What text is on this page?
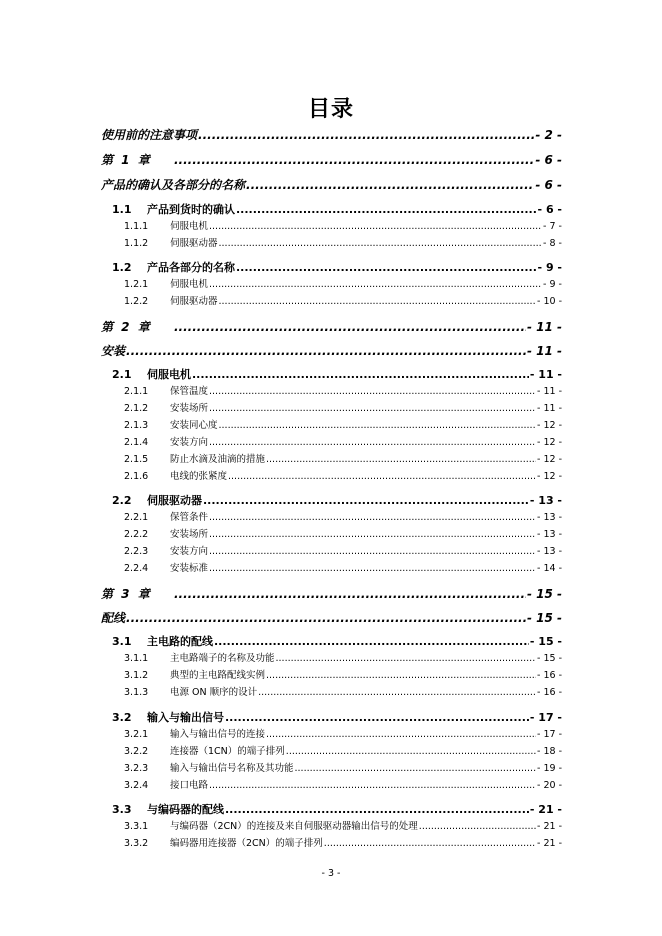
目录
使用前的注意事项 .....	- 2 -
第 1 章 .....	- 6 -
产品的确认及各部分的名称 .....	- 6 -
1.1	产品到货时的确认 .....	- 6 -
1.1.1	伺服电机 .....	- 7 -
1.1.2	伺服驱动器 .....	- 8 -
1.2	产品各部分的名称 .....	- 9 -
1.2.1	伺服电机 .....	- 9 -
1.2.2	伺服驱动器 .....	- 10 -
第 2 章 .....	- 11 -
安装 .....	- 11 -
2.1	伺服电机 .....	- 11 -
2.1.1	保管温度 .....	- 11 -
2.1.2	安装场所 .....	- 11 -
2.1.3	安装同心度 .....	- 12 -
2.1.4	安装方向 .....	- 12 -
2.1.5	防止水滴及油滴的措施 .....	- 12 -
2.1.6	电线的张紧度 .....	- 12 -
2.2	伺服驱动器 .....	- 13 -
2.2.1	保管条件 .....	- 13 -
2.2.2	安装场所 .....	- 13 -
2.2.3	安装方向 .....	- 13 -
2.2.4	安装标准 .....	- 14 -
第 3 章 .....	- 15 -
配线 .....	- 15 -
3.1	主电路的配线 .....	- 15 -
3.1.1	主电路端子的名称及功能 .....	- 15 -
3.1.2	典型的主电路配线实例 .....	- 16 -
3.1.3	电源 ON 顺序的设计 .....	- 16 -
3.2	输入与输出信号 .....	- 17 -
3.2.1	输入与输出信号的连接 .....	- 17 -
3.2.2	连接器（1CN）的端子排列 .....	- 18 -
3.2.3	输入与输出信号名称及其功能 .....	- 19 -
3.2.4	接口电路 .....	- 20 -
3.3	与编码器的配线 .....	- 21 -
3.3.1	与编码器（2CN）的连接及来自伺服驱动器输出信号的处理 .....	- 21 -
3.3.2	编码器用连接器（2CN）的端子排列 .....	- 21 -
- 3 -
